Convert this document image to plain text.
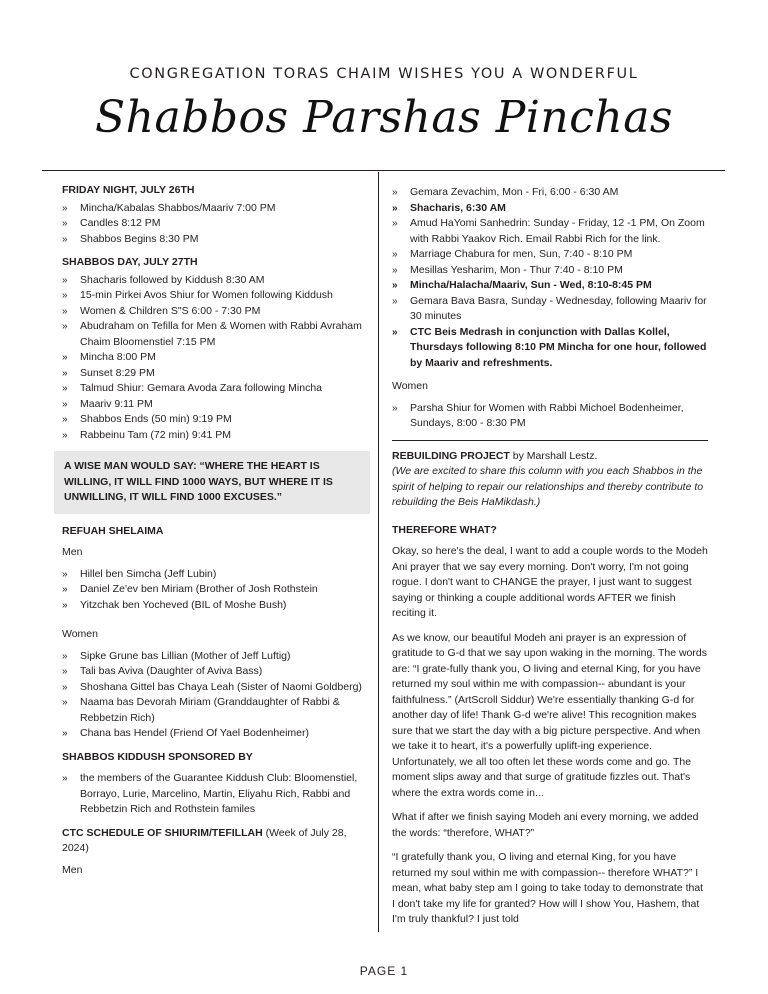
CONGREGATION TORAS CHAIM WISHES YOU A WONDERFUL
Shabbos Parshas Pinchas
FRIDAY NIGHT, JULY 26TH
» Mincha/Kabalas Shabbos/Maariv 7:00 PM
» Candles 8:12 PM
» Shabbos Begins 8:30 PM
SHABBOS DAY, JULY 27TH
» Shacharis followed by Kiddush 8:30 AM
» 15-min Pirkei Avos Shiur for Women following Kiddush
» Women & Children S"S 6:00 - 7:30 PM
» Abudraham on Tefilla for Men & Women with Rabbi Avraham Chaim Bloomenstiel 7:15 PM
» Mincha 8:00 PM
» Sunset 8:29 PM
» Talmud Shiur: Gemara Avoda Zara following Mincha
» Maariv 9:11 PM
» Shabbos Ends (50 min) 9:19 PM
» Rabbeinu Tam (72 min) 9:41 PM
A WISE MAN WOULD SAY: “WHERE THE HEART IS WILLING, IT WILL FIND 1000 WAYS, BUT WHERE IT IS UNWILLING, IT WILL FIND 1000 EXCUSES.”
REFUAH SHELAIMA
Men
» Hillel ben Simcha (Jeff Lubin)
» Daniel Ze'ev ben Miriam (Brother of Josh Rothstein
» Yitzchak ben Yocheved (BIL of Moshe Bush)
Women
» Sipke Grune bas Lillian (Mother of Jeff Luftig)
» Tali bas Aviva (Daughter of Aviva Bass)
» Shoshana Gittel bas Chaya Leah (Sister of Naomi Goldberg)
» Naama bas Devorah Miriam (Granddaughter of Rabbi & Rebbetzin Rich)
» Chana bas Hendel (Friend Of Yael Bodenheimer)
SHABBOS KIDDUSH SPONSORED BY
» the members of the Guarantee Kiddush Club: Bloomenstiel, Borrayo, Lurie, Marcelino, Martin, Eliyahu Rich, Rabbi and Rebbetzin Rich and Rothstein familes
CTC SCHEDULE OF SHIURIM/TEFILLAH (Week of July 28, 2024)
Men
» Gemara Zevachim, Mon - Fri, 6:00 - 6:30 AM
» Shacharis, 6:30 AM
» Amud HaYomi Sanhedrin: Sunday - Friday, 12 -1 PM, On Zoom with Rabbi Yaakov Rich. Email Rabbi Rich for the link.
» Marriage Chabura for men, Sun, 7:40 - 8:10 PM
» Mesillas Yesharim, Mon - Thur 7:40 - 8:10 PM
» Mincha/Halacha/Maariv, Sun - Wed, 8:10-8:45 PM
» Gemara Bava Basra, Sunday - Wednesday, following Maariv for 30 minutes
» CTC Beis Medrash in conjunction with Dallas Kollel, Thursdays following 8:10 PM Mincha for one hour, followed by Maariv and refreshments.
Women
» Parsha Shiur for Women with Rabbi Michoel Bodenheimer, Sundays, 8:00 - 8:30 PM
REBUILDING PROJECT by Marshall Lestz.
(We are excited to share this column with you each Shabbos in the spirit of helping to repair our relationships and thereby contribute to rebuilding the Beis HaMikdash.)
THEREFORE WHAT?

Okay, so here's the deal, I want to add a couple words to the Modeh Ani prayer that we say every morning. Don't worry, I'm not going rogue. I don't want to CHANGE the prayer, I just want to suggest saying or thinking a couple additional words AFTER we finish reciting it.

As we know, our beautiful Modeh ani prayer is an expression of gratitude to G-d that we say upon waking in the morning. The words are: “I grate-fully thank you, O living and eternal King, for you have returned my soul within me with compassion-- abundant is your faithfulness.” (ArtScroll Siddur) We're essentially thanking G-d for another day of life! Thank G-d we're alive! This recognition makes sure that we start the day with a big picture perspective. And when we take it to heart, it's a powerfully uplift-ing experience. Unfortunately, we all too often let these words come and go. The moment slips away and that surge of gratitude fizzles out. That's where the extra words come in...

What if after we finish saying Modeh ani every morning, we added the words: “therefore, WHAT?”

“I gratefully thank you, O living and eternal King, for you have returned my soul within me with compassion-- therefore WHAT?” I mean, what baby step am I going to take today to demonstrate that I don't take my life for granted? How will I show You, Hashem, that I'm truly thankful? I just told

PAGE 1
